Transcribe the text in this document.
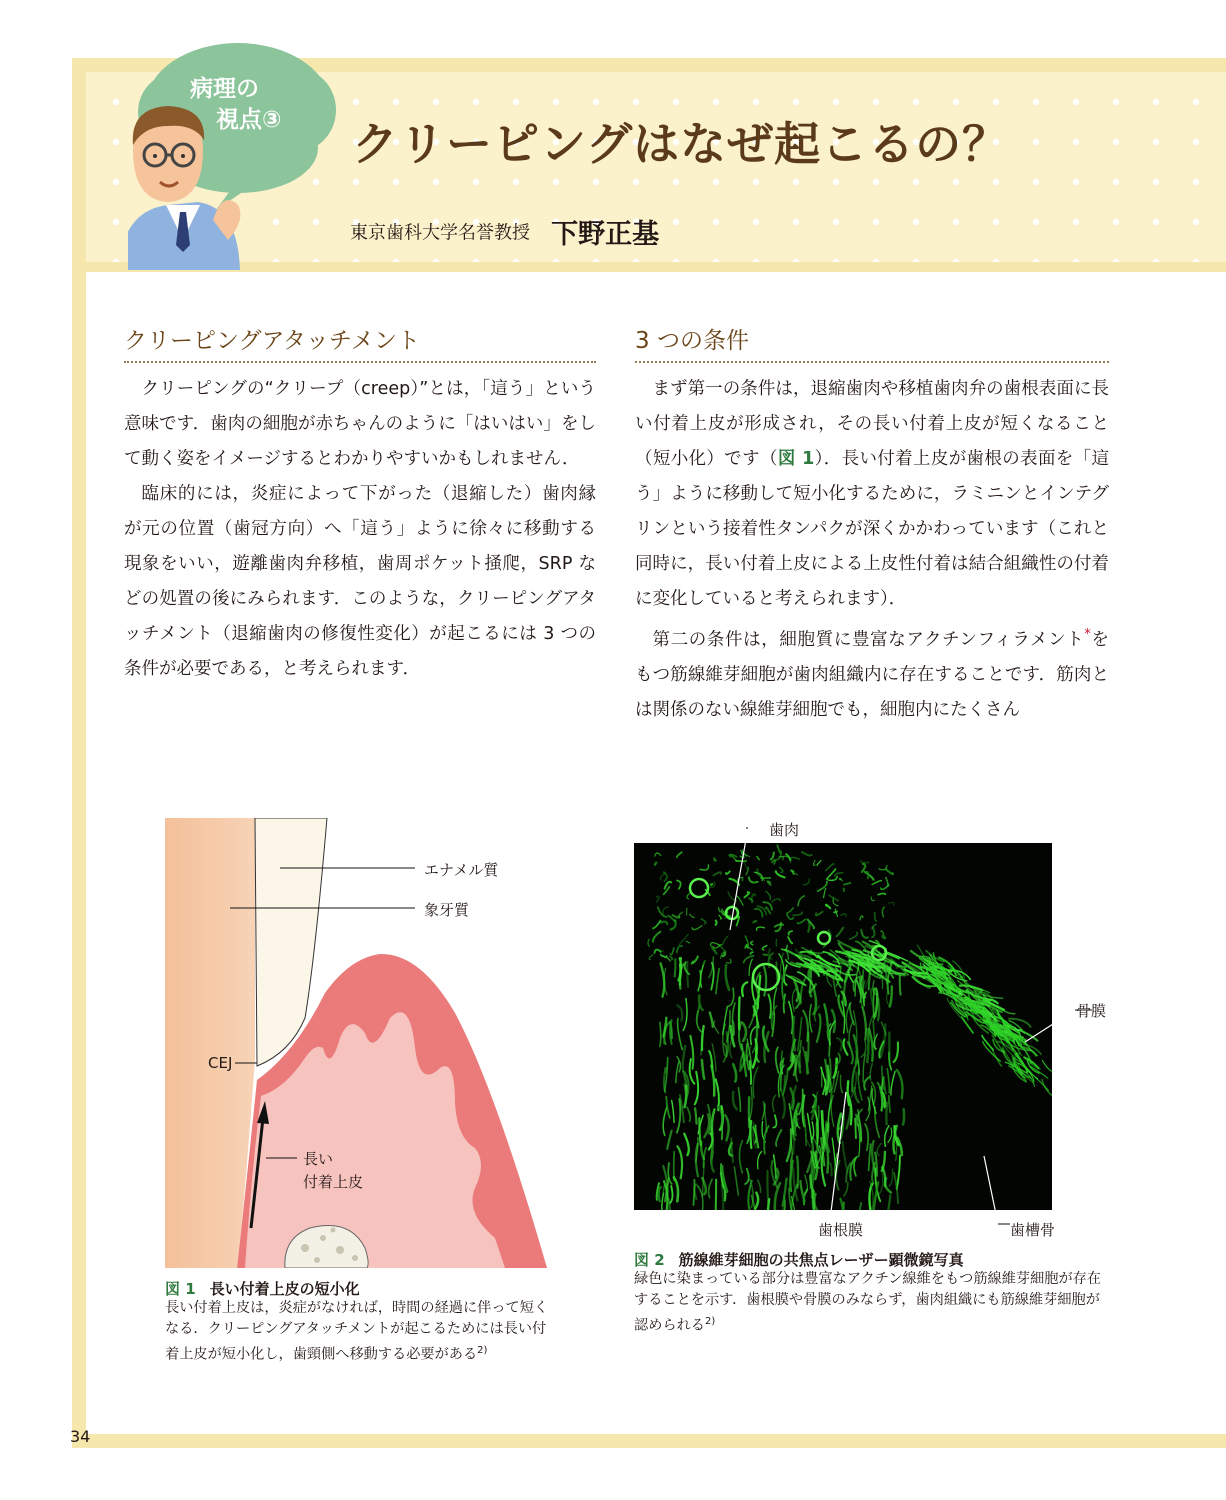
病理の
視点③	クリーピングはなぜ起こるの？
東京歯科大学名誉教授 下野正基
クリーピングアタッチメント

クリーピングの“クリープ（creep）”とは，「這う」という意味です．歯肉の細胞が赤ちゃんのように「はいはい」をして動く姿をイメージするとわかりやすいかもしれません．

臨床的には，炎症によって下がった（退縮した）歯肉縁が元の位置（歯冠方向）へ「這う」ように徐々に移動する現象をいい，遊離歯肉弁移植，歯周ポケット掻爬，SRP などの処置の後にみられます．このような，クリーピングアタッチメント（退縮歯肉の修復性変化）が起こるには 3 つの条件が必要である，と考えられます．

3 つの条件

まず第一の条件は，退縮歯肉や移植歯肉弁の歯根表面に長い付着上皮が形成され，その長い付着上皮が短くなること（短小化）です（図 1）．長い付着上皮が歯根の表面を「這う」ように移動して短小化するために，ラミニンとインテグリンという接着性タンパクが深くかかわっています（これと同時に，長い付着上皮による上皮性付着は結合組織性の付着に変化していると考えられます）．

第二の条件は，細胞質に豊富なアクチンフィラメント*をもつ筋線維芽細胞が歯肉組織内に存在することです．筋肉とは関係のない線維芽細胞でも，細胞内にたくさん

エナメル質
象牙質
CEJ
長い
付着上皮
図 1 長い付着上皮の短小化
長い付着上皮は，炎症がなければ，時間の経過に伴って短くなる．クリーピングアタッチメントが起こるためには長い付着上皮が短小化し，歯頸側へ移動する必要がある$^{2)}$
歯肉
骨膜
歯根膜	歯槽骨
図 2 筋線維芽細胞の共焦点レーザー顕微鏡写真
緑色に染まっている部分は豊富なアクチン線維をもつ筋線維芽細胞が存在することを示す．歯根膜や骨膜のみならず，歯肉組織にも筋線維芽細胞が認められる$^{2)}$
34
